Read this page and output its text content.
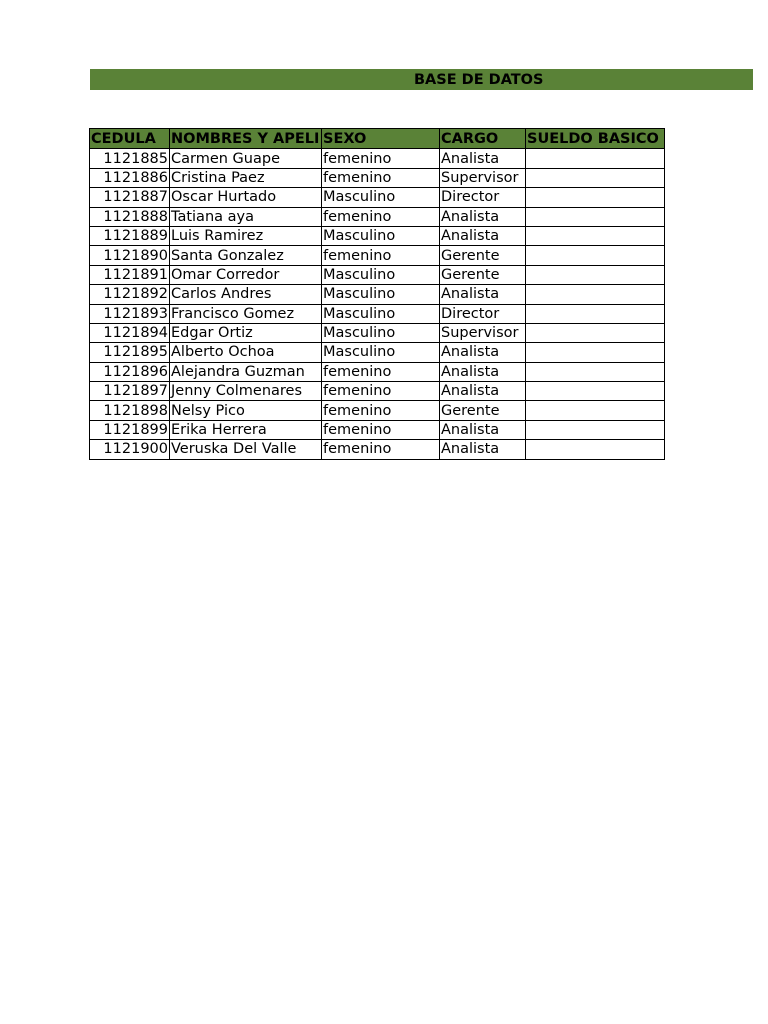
BASE DE DATOS
CEDULA	NOMBRES Y APELI	SEXO	CARGO	SUELDO BASICO
1121885	Carmen Guape	femenino	Analista	
1121886	Cristina Paez	femenino	Supervisor	
1121887	Oscar Hurtado	Masculino	Director	
1121888	Tatiana aya	femenino	Analista	
1121889	Luis Ramirez	Masculino	Analista	
1121890	Santa Gonzalez	femenino	Gerente	
1121891	Omar Corredor	Masculino	Gerente	
1121892	Carlos Andres	Masculino	Analista	
1121893	Francisco Gomez	Masculino	Director	
1121894	Edgar Ortiz	Masculino	Supervisor	
1121895	Alberto Ochoa	Masculino	Analista	
1121896	Alejandra Guzman	femenino	Analista	
1121897	Jenny Colmenares	femenino	Analista	
1121898	Nelsy Pico	femenino	Gerente	
1121899	Erika Herrera	femenino	Analista	
1121900	Veruska Del Valle	femenino	Analista	
